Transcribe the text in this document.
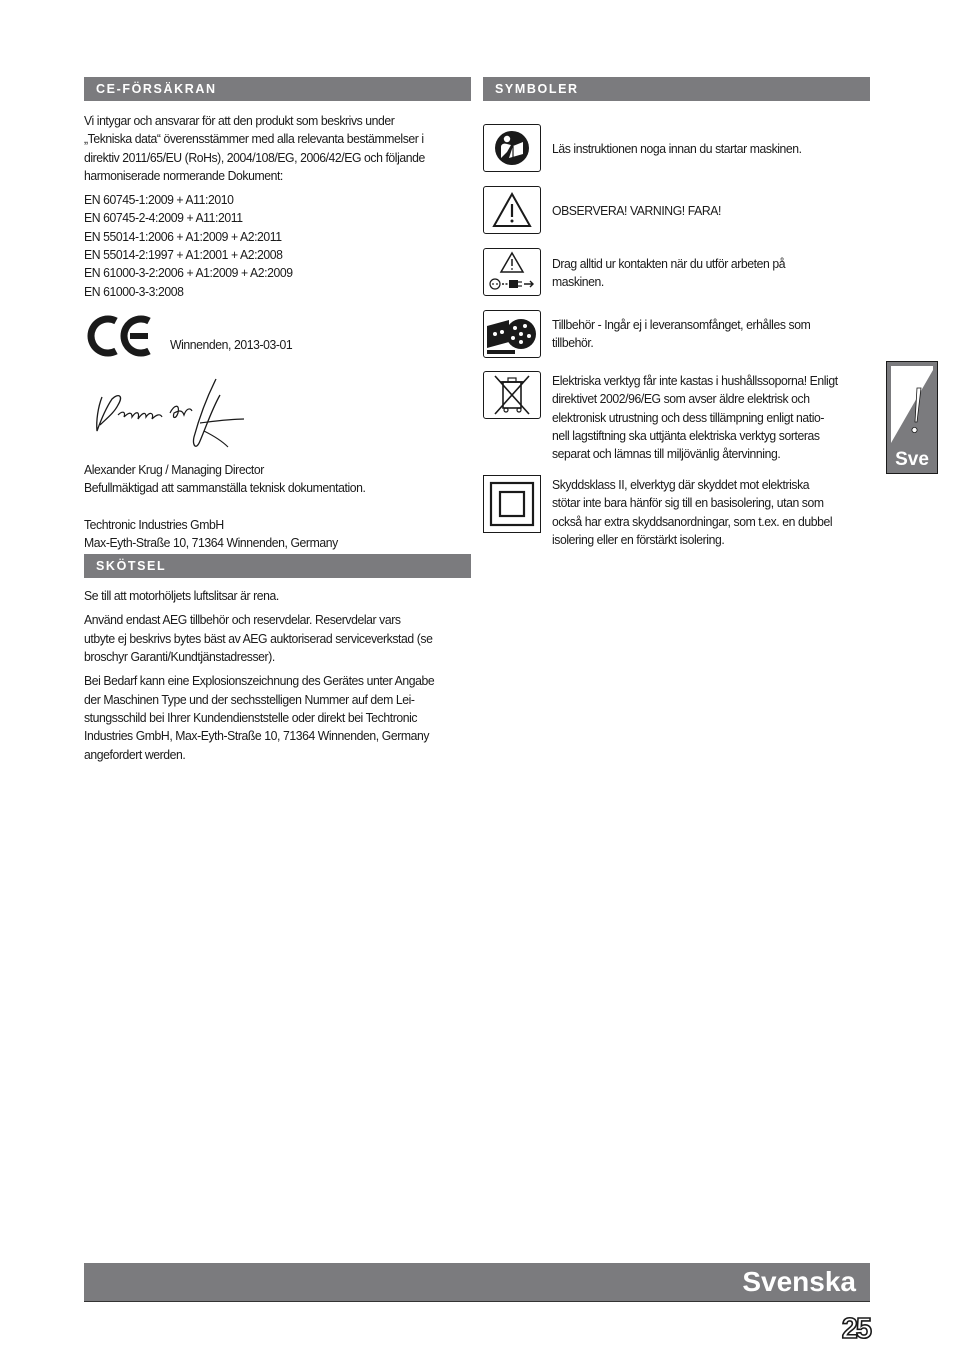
CE-FÖRSÄKRAN

Vi intygar och ansvarar för att den produkt som beskrivs under

„Tekniska data“ överensstämmer med alla relevanta bestämmelser i

direktiv 2011/65/EU (RoHs), 2004/108/EG, 2006/42/EG och följande

harmoniserade normerande Dokument:

EN 60745-1:2009 + A11:2010

EN 60745-2-4:2009 + A11:2011

EN 55014-1:2006 + A1:2009 + A2:2011

EN 55014-2:1997 + A1:2001 + A2:2008

EN 61000-3-2:2006 + A1:2009 + A2:2009

EN 61000-3-3:2008

Winnenden, 2013-03-01

Alexander Krug / Managing Director

Befullmäktigad att sammanställa teknisk dokumentation.

Techtronic Industries GmbH

Max-Eyth-Straße 10, 71364 Winnenden, Germany

SKÖTSEL

Se till att motorhöljets luftslitsar är rena.

Använd endast AEG tillbehör och reservdelar. Reservdelar vars

utbyte ej beskrivs bytes bäst av AEG auktoriserad serviceverkstad (se

broschyr Garanti/Kundtjänstadresser).

Bei Bedarf kann eine Explosionszeichnung des Gerätes unter Angabe

der Maschinen Type und der sechsstelligen Nummer auf dem Lei-

stungsschild bei Ihrer Kundendienststelle oder direkt bei Techtronic

Industries GmbH, Max-Eyth-Straße 10, 71364 Winnenden, Germany

angefordert werden.

SYMBOLER

Läs instruktionen noga innan du startar maskinen.

OBSERVERA! VARNING! FARA!

Drag alltid ur kontakten när du utför arbeten på

maskinen.

Tillbehör - Ingår ej i leveransomfånget, erhålles som

tillbehör.

Elektriska verktyg får inte kastas i hushållssoporna! Enligt

direktivet 2002/96/EG som avser äldre elektrisk och

elektronisk utrustning och dess tillämpning enligt natio-

nell lagstiftning ska uttjänta elektriska verktyg sorteras

separat och lämnas till miljövänlig återvinning.

Skyddsklass II, elverktyg där skyddet mot elektriska

stötar inte bara hänför sig till en basisolering, utan som

också har extra skyddsanordningar, som t.ex. en dubbel

isolering eller en förstärkt isolering.

Sve
Svenska
25
